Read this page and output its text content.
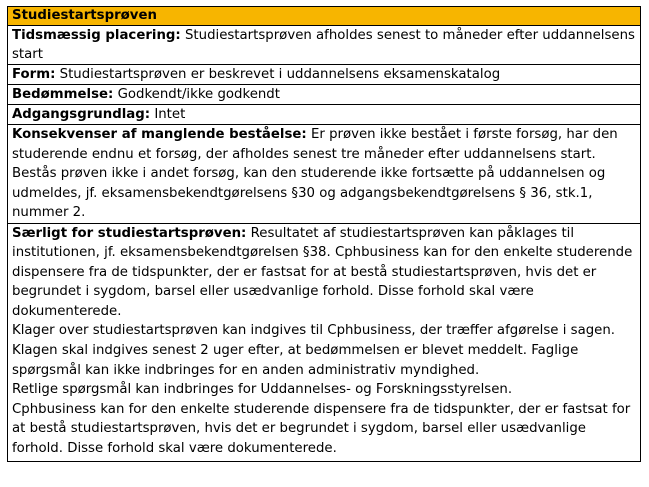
Studiestartsprøven
Tidsmæssig placering: Studiestartsprøven afholdes senest to måneder efter uddannelsens start
Form: Studiestartsprøven er beskrevet i uddannelsens eksamenskatalog
Bedømmelse: Godkendt/ikke godkendt
Adgangsgrundlag: Intet
Konsekvenser af manglende beståelse: Er prøven ikke bestået i første forsøg, har den studerende endnu et forsøg, der afholdes senest tre måneder efter uddannelsens start. Bestås prøven ikke i andet forsøg, kan den studerende ikke fortsætte på uddannelsen og udmeldes, jf. eksamensbekendtgørelsens §30 og adgangsbekendtgørelsens § 36, stk.1, nummer 2.

Særligt for studiestartsprøven: Resultatet af studiestartsprøven kan påklages til institutionen, jf. eksamensbekendtgørelsen §38. Cphbusiness kan for den enkelte studerende dispensere fra de tidspunkter, der er fastsat for at bestå studiestartsprøven, hvis det er begrundet i sygdom, barsel eller usædvanlige forhold. Disse forhold skal være dokumenterede.
Klager over studiestartsprøven kan indgives til Cphbusiness, der træffer afgørelse i sagen. Klagen skal indgives senest 2 uger efter, at bedømmelsen er blevet meddelt. Faglige spørgsmål kan ikke indbringes for en anden administrativ myndighed.
Retlige spørgsmål kan indbringes for Uddannelses- og Forskningsstyrelsen.
Cphbusiness kan for den enkelte studerende dispensere fra de tidspunkter, der er fastsat for at bestå studiestartsprøven, hvis det er begrundet i sygdom, barsel eller usædvanlige forhold. Disse forhold skal være dokumenterede.
